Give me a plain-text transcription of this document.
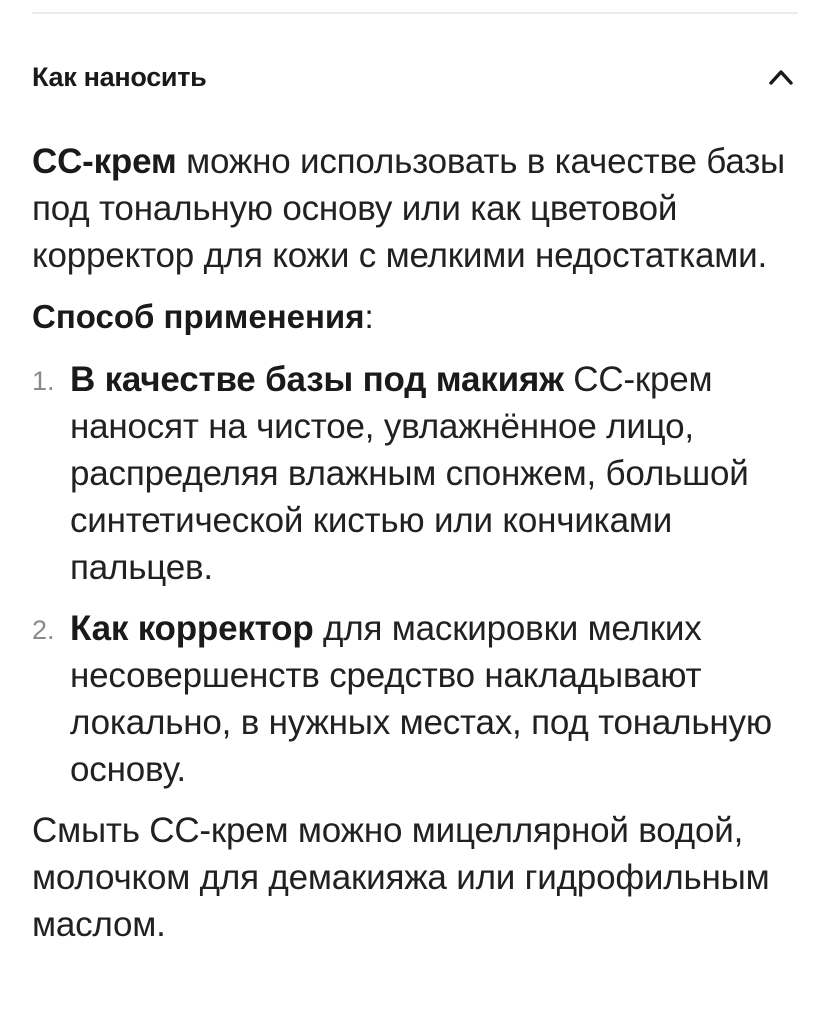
Как наносить

СС-крем можно использовать в качестве базы под тональную основу или как цветовой корректор для кожи с мелкими недостатками.

Способ применения:
1. В качестве базы под макияж СС-крем наносят на чистое, увлажнённое лицо, распределяя влажным спонжем, большой синтетической кистью или кончиками пальцев.
2. Как корректор для маскировки мелких несовершенств средство накладывают локально, в нужных местах, под тональную основу.

Смыть СС-крем можно мицеллярной водой, молочком для демакияжа или гидрофильным маслом.
